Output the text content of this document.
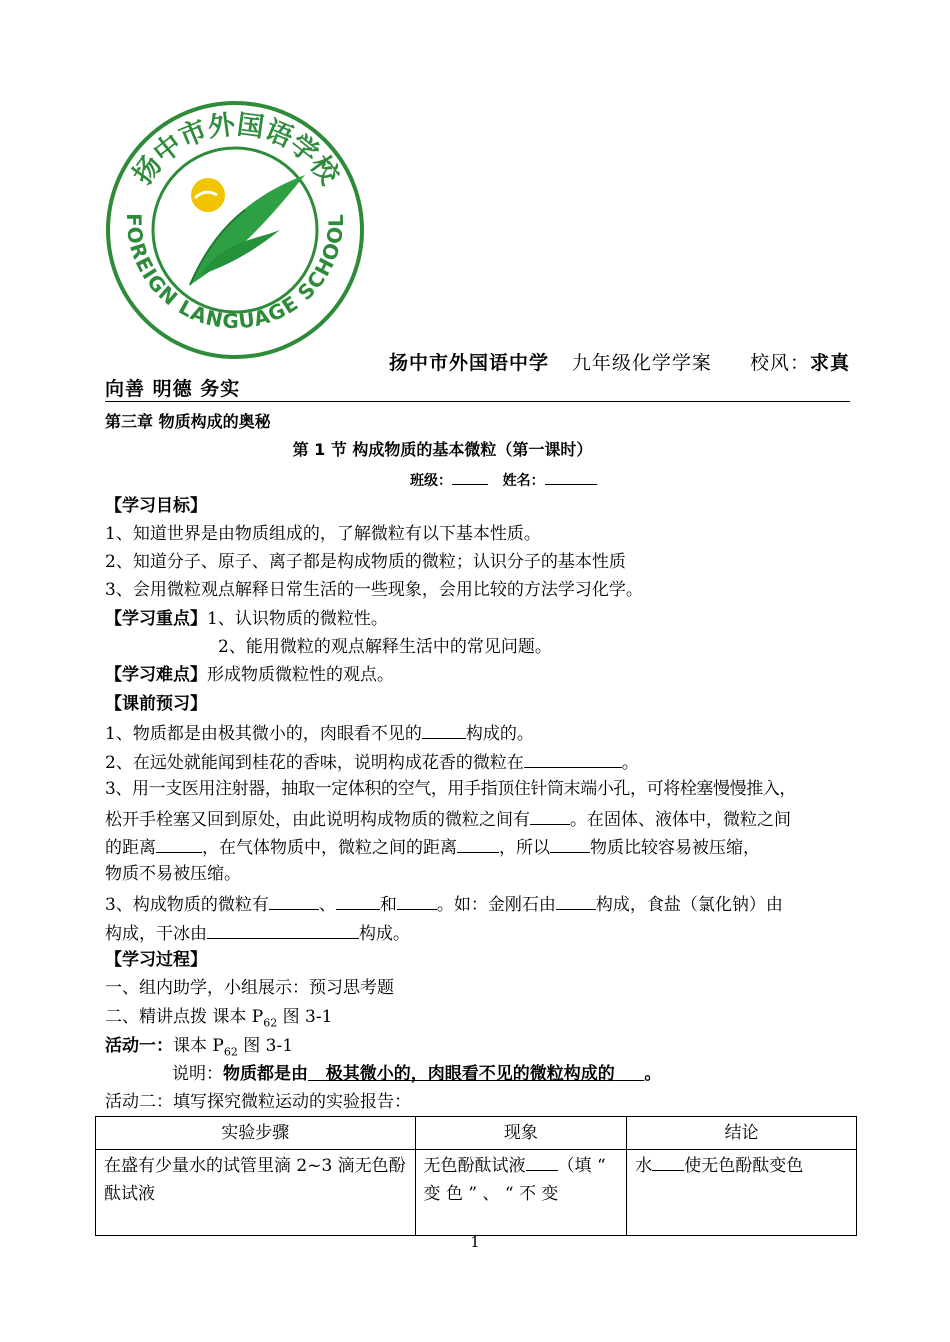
扬中市外国语学校
FOREIGN LANGUAGE SCHOOL
扬中市外国语中学 九年级化学学案 校风：求真
向善 明德 务实
第三章 物质构成的奥秘
第 1 节 构成物质的基本微粒（第一课时）
班级：	姓名：
【学习目标】
1、知道世界是由物质组成的，了解微粒有以下基本性质。
2、知道分子、原子、离子都是构成物质的微粒；认识分子的基本性质
3、会用微粒观点解释日常生活的一些现象，会用比较的方法学习化学。
【学习重点】1、认识物质的微粒性。
2、能用微粒的观点解释生活中的常见问题。
【学习难点】形成物质微粒性的观点。
【课前预习】
1、物质都是由极其微小的，肉眼看不见的	构成的。
2、在远处就能闻到桂花的香味，说明构成花香的微粒在	。
3、用一支医用注射器，抽取一定体积的空气，用手指顶住针筒末端小孔，可将栓塞慢慢推入，
松开手栓塞又回到原处，由此说明构成物质的微粒之间有 。在固体、液体中，微粒之间
的距离	，在气体物质中，微粒之间的距离 ，所以 物质比较容易被压缩，
物质不易被压缩。
3、构成物质的微粒有	、	和 。如：金刚石由 构成，食盐（氯化钠）由
构成，干冰由	构成。
【学习过程】
一、组内助学，小组展示：预习思考题
二、精讲点拨 课本 $P_{62}$ 图 3-1
活动一：课本 $P_{62}$ 图 3-1
说明：物质都是由 极其微小的，肉眼看不见的微粒构成的 。
活动二：填写探究微粒运动的实验报告：
实验步骤	现象	结论
在盛有少量水的试管里滴 2~3 滴无色酚酞试液	无色酚酞试液 （填 “ 变 色 ” 、 “ 不 变	水 使无色酚酞变色
1
